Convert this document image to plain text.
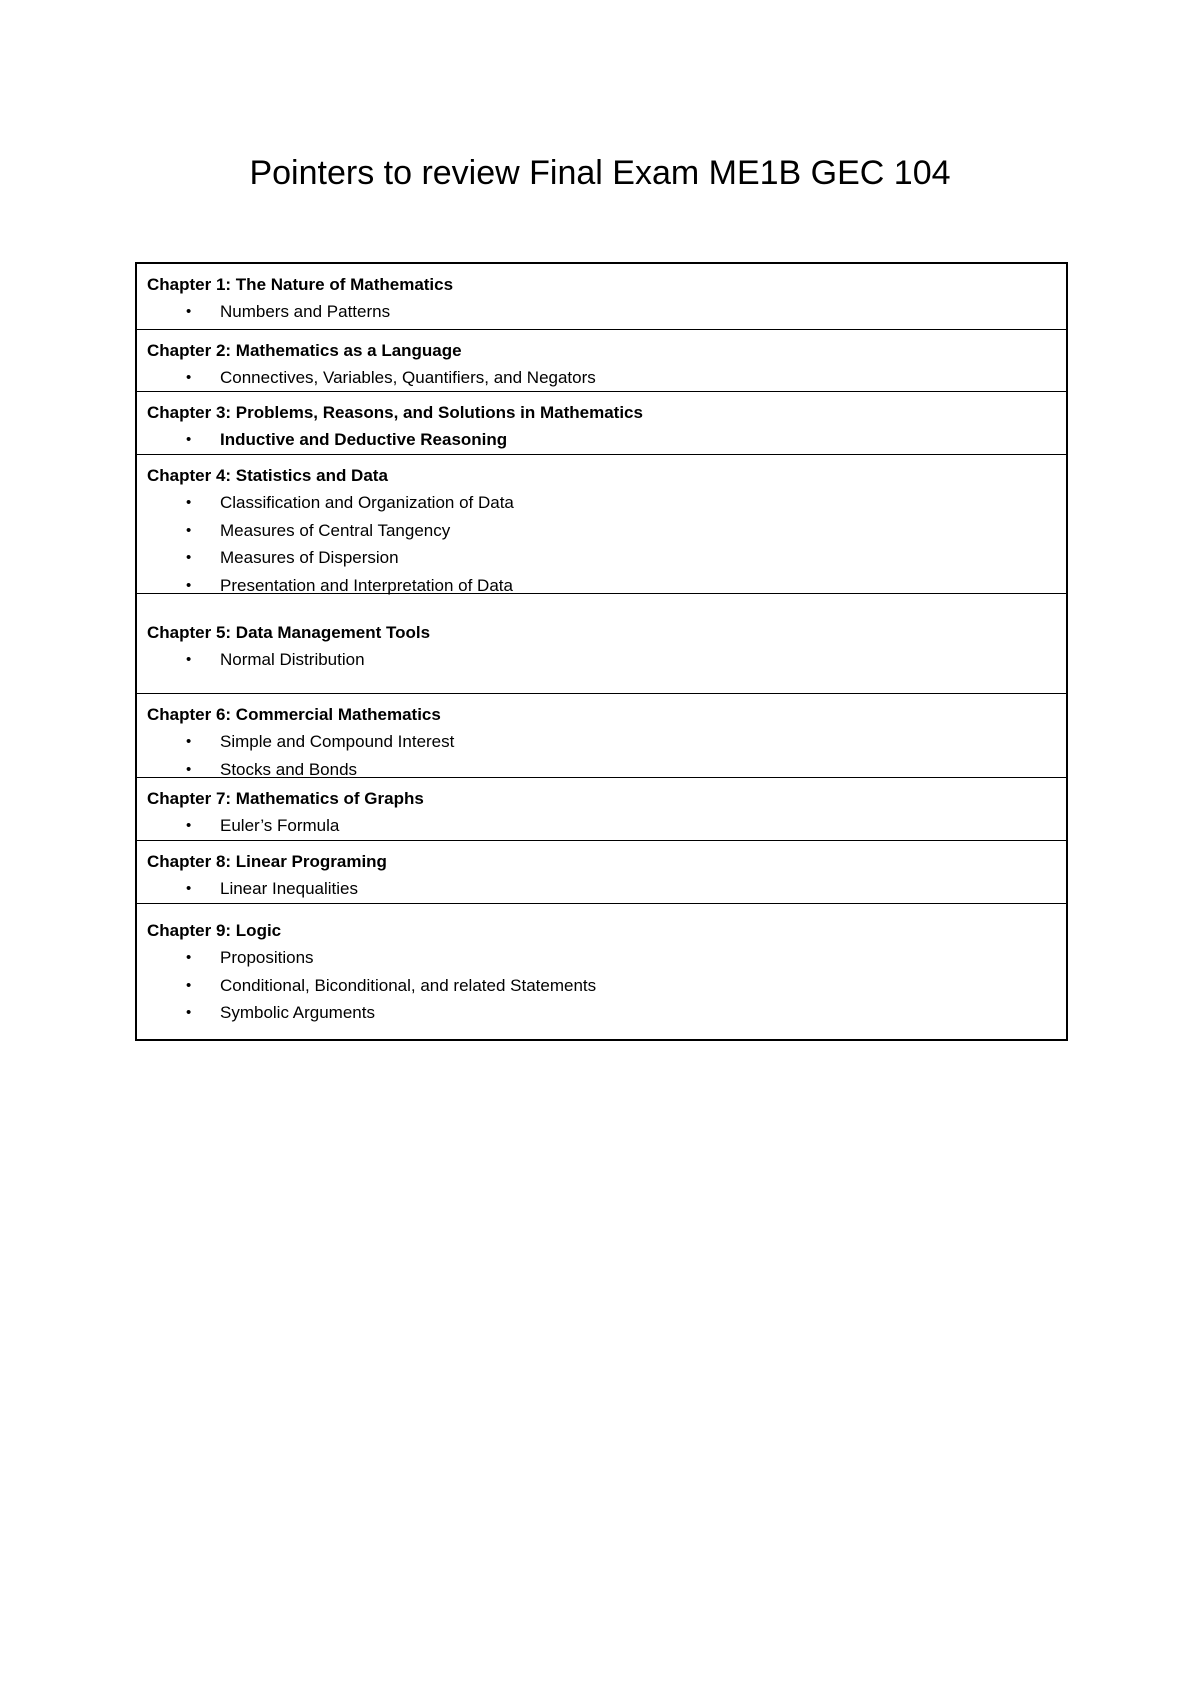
Pointers to review Final Exam ME1B GEC 104
Chapter 1: The Nature of Mathematics
• Numbers and Patterns
Chapter 2: Mathematics as a Language
• Connectives, Variables, Quantifiers, and Negators
Chapter 3: Problems, Reasons, and Solutions in Mathematics
• Inductive and Deductive Reasoning
Chapter 4: Statistics and Data
• Classification and Organization of Data
• Measures of Central Tangency
• Measures of Dispersion
• Presentation and Interpretation of Data
Chapter 5: Data Management Tools
• Normal Distribution
Chapter 6: Commercial Mathematics
• Simple and Compound Interest
• Stocks and Bonds
Chapter 7: Mathematics of Graphs
• Euler’s Formula
Chapter 8: Linear Programing
• Linear Inequalities
Chapter 9: Logic
• Propositions
• Conditional, Biconditional, and related Statements
• Symbolic Arguments
